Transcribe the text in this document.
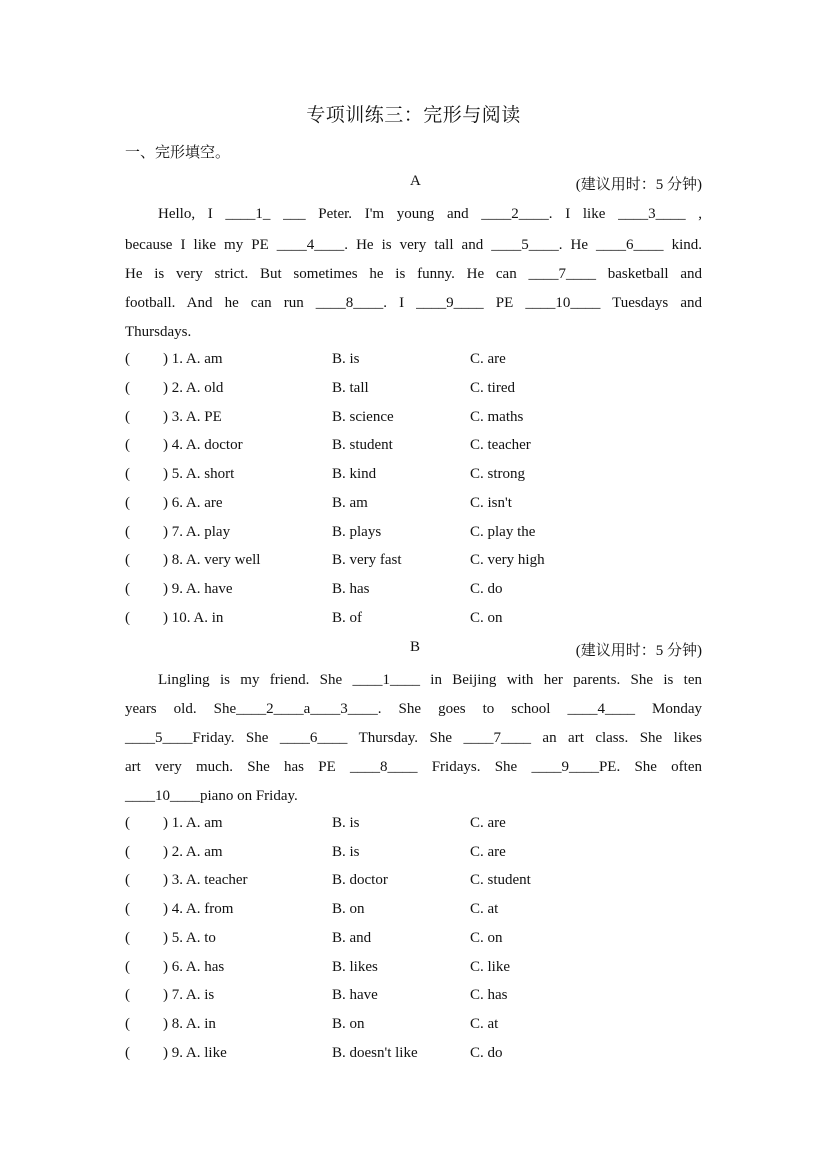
专项训练三：完形与阅读
一、完形填空。
A	(建议用时：5 分钟)
Hello, I ____1_ ___ Peter. I'm young and ____2____. I like ____3____ ,
because I like my PE ____4____. He is very tall and ____5____. He ____6____ kind.
He is very strict. But sometimes he is funny. He can ____7____ basketball and
football. And he can run ____8____. I ____9____ PE ____10____ Tuesdays and
Thursdays.
( ) 1. A. am	B. is	C. are
( ) 2. A. old	B. tall	C. tired
( ) 3. A. PE	B. science	C. maths
( ) 4. A. doctor	B. student	C. teacher
( ) 5. A. short	B. kind	C. strong
( ) 6. A. are	B. am	C. isn't
( ) 7. A. play	B. plays	C. play the
( ) 8. A. very well	B. very fast	C. very high
( ) 9. A. have	B. has	C. do
( ) 10. A. in	B. of	C. on
B	(建议用时：5 分钟)
Lingling is my friend. She ____1____ in Beijing with her parents. She is ten
years old. She____2____a____3____. She goes to school ____4____ Monday
____5____Friday. She ____6____ Thursday. She ____7____ an art class. She likes
art very much. She has PE ____8____ Fridays. She ____9____PE. She often
____10____piano on Friday.
( ) 1. A. am	B. is	C. are
( ) 2. A. am	B. is	C. are
( ) 3. A. teacher	B. doctor	C. student
( ) 4. A. from	B. on	C. at
( ) 5. A. to	B. and	C. on
( ) 6. A. has	B. likes	C. like
( ) 7. A. is	B. have	C. has
( ) 8. A. in	B. on	C. at
( ) 9. A. like	B. doesn't like	C. do
